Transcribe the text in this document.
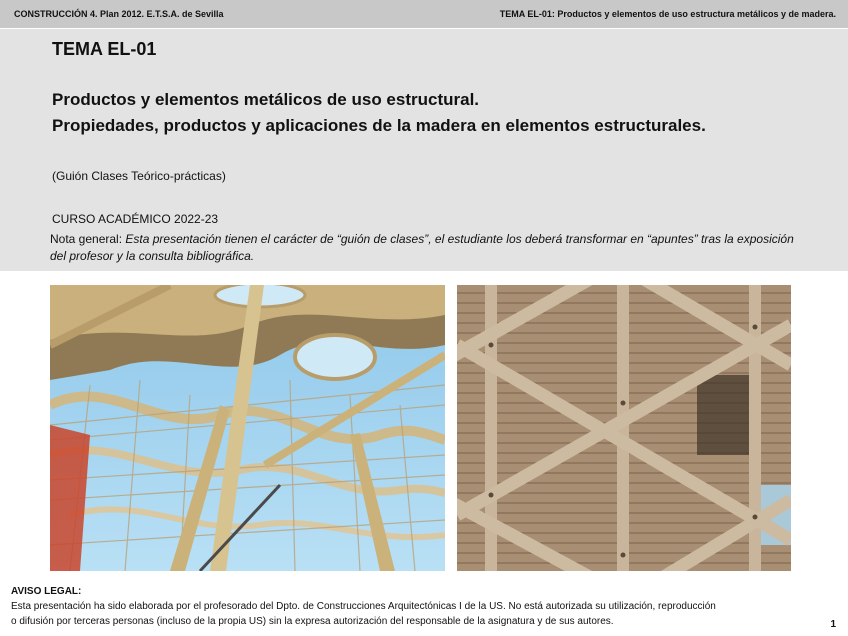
CONSTRUCCIÓN 4. Plan 2012. E.T.S.A. de Sevilla	TEMA EL-01: Productos y elementos de uso estructura metálicos y de madera.
TEMA EL-01
Productos y elementos metálicos de uso estructural.
Propiedades, productos y aplicaciones de la madera en elementos estructurales.
(Guión Clases Teórico-prácticas)
CURSO ACADÉMICO 2022-23
Nota general: Esta presentación tienen el carácter de “guión de clases”, el estudiante los deberá transformar en “apuntes” tras la exposición del profesor y la consulta bibliográfica.
AVISO LEGAL:
Esta presentación ha sido elaborada por el profesorado del Dpto. de Construcciones Arquitectónicas I de la US. No está autorizada su utilización, reproducción
o difusión por terceras personas (incluso de la propia US) sin la expresa autorización del responsable de la asignatura y de sus autores.	1
